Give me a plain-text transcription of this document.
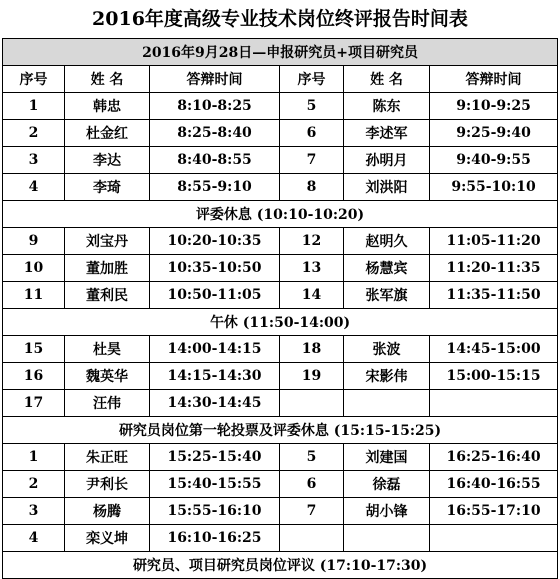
2016年度高级专业技术岗位终评报告时间表
2016年9月28日—申报研究员+项目研究员					
序号	姓 名	答辩时间	序号	姓 名	答辩时间
1	韩忠	8:10-8:25	5	陈东	9:10-9:25
2	杜金红	8:25-8:40	6	李述军	9:25-9:40
3	李达	8:40-8:55	7	孙明月	9:40-9:55
4	李琦	8:55-9:10	8	刘洪阳	9:55-10:10
评委休息 (10:10-10:20)					
9	刘宝丹	10:20-10:35	12	赵明久	11:05-11:20
10	董加胜	10:35-10:50	13	杨慧宾	11:20-11:35
11	董利民	10:50-11:05	14	张军旗	11:35-11:50
午休 (11:50-14:00)					
15	杜昊	14:00-14:15	18	张波	14:45-15:00
16	魏英华	14:15-14:30	19	宋影伟	15:00-15:15
17	汪伟	14:30-14:45			
研究员岗位第一轮投票及评委休息 (15:15-15:25)					
1	朱正旺	15:25-15:40	5	刘建国	16:25-16:40
2	尹利长	15:40-15:55	6	徐磊	16:40-16:55
3	杨腾	15:55-16:10	7	胡小锋	16:55-17:10
4	栾义坤	16:10-16:25			
研究员、项目研究员岗位评议 (17:10-17:30)					
